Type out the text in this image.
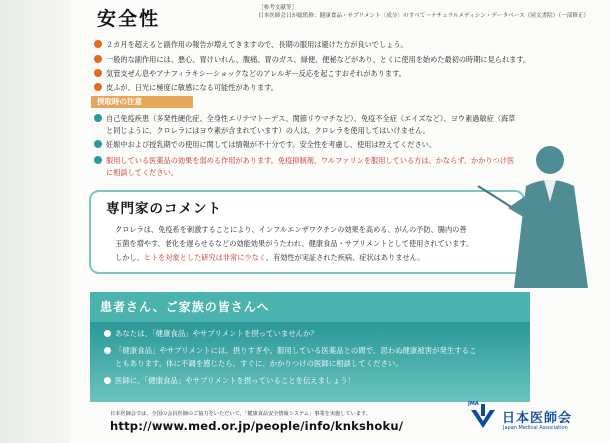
安全性	［参考文献等］
日本医師会日が総監修：健康食品・サプリメント〔成分〕のすべて〜ナチュラルメディシン・データベース（同文書院）（一部修正）
２カ月を超えると副作用の報告が増えてきますので、長期の服用は避けた方が良いでしょう。
一般的な副作用には、悪心、胃けいれん、腹痛、胃のガス、緑便、便秘などがあり、とくに使用を始めた最初の時期に見られます。
気管支ぜん息やアナフィラキシーショックなどのアレルギー反応を起こすおそれがあります。
皮ふが、日光に極度に敏感になる可能性があります。
摂取時の注意
自己免疫疾患（多発性硬化症、全身性エリテマトーデス、関節リウマチなど）、免疫不全症（エイズなど）、ヨウ素過敏症（海草
と同じように、クロレラにはヨウ素が含まれています）の人は、クロレラを使用してはいけません。
妊娠中および授乳期での使用に関しては情報が不十分です。安全性を考慮し、使用は控えてください。
服用している医薬品の効果を弱める作用があります。免疫抑制剤、ワルファリンを服用している方は、かならず、かかりつけ医
に相談してください。
専門家のコメント
クロレラは、免疫系を刺激することにより、インフルエンザワクチンの効果を高める、がんの予防、腸内の善
玉菌を増やす、老化を遅らせるなどの効能効果がうたわれ、健康食品・サプリメントとして使用されています。
しかし、ヒトを対象とした研究は非常に少なく、有効性が実証された疾病、症状はありません。
患者さん、ご家族の皆さんへ
あなたは、「健康食品」やサプリメントを摂っていませんか？
「健康食品」やサプリメントには、摂りすぎや、服用している医薬品との間で、思わぬ健康被害が発生するこ
ともあります。体に不調を感じたら、すぐに、かかりつけの医師に相談してください。
医師に、「健康食品」やサプリメントを摂っていることを伝えましょう！
日本医師会では、全国の会員医師のご協力をいただいて、「健康食品安全情報システム」事業を実施しています。
http://www.med.or.jp/people/info/knkshoku/
JMA
日本医師会
Japan Medical Association
